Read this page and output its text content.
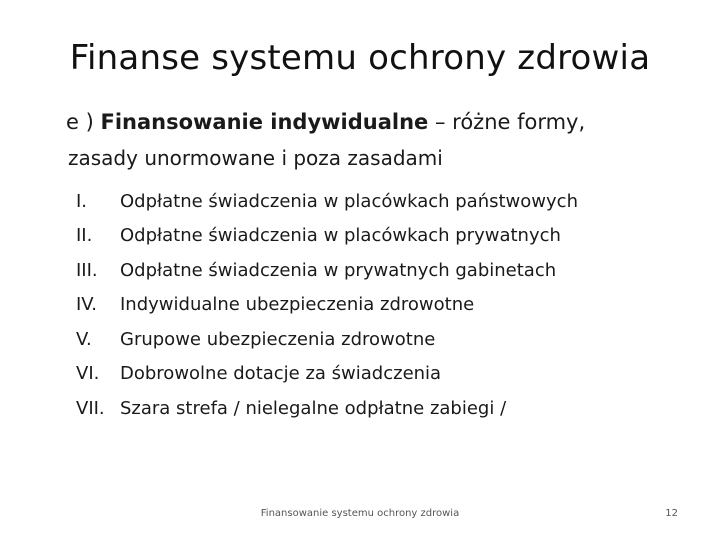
Finanse systemu ochrony zdrowia
e ) Finansowanie indywidualne – różne formy,
zasady unormowane i poza zasadami
I.	Odpłatne świadczenia w placówkach państwowych
II.	Odpłatne świadczenia w placówkach prywatnych
III.	Odpłatne świadczenia w prywatnych gabinetach
IV.	Indywidualne ubezpieczenia zdrowotne
V.	Grupowe ubezpieczenia zdrowotne
VI.	Dobrowolne dotacje za świadczenia
VII. Szara strefa / nielegalne odpłatne zabiegi /
Finansowanie systemu ochrony zdrowia	12
